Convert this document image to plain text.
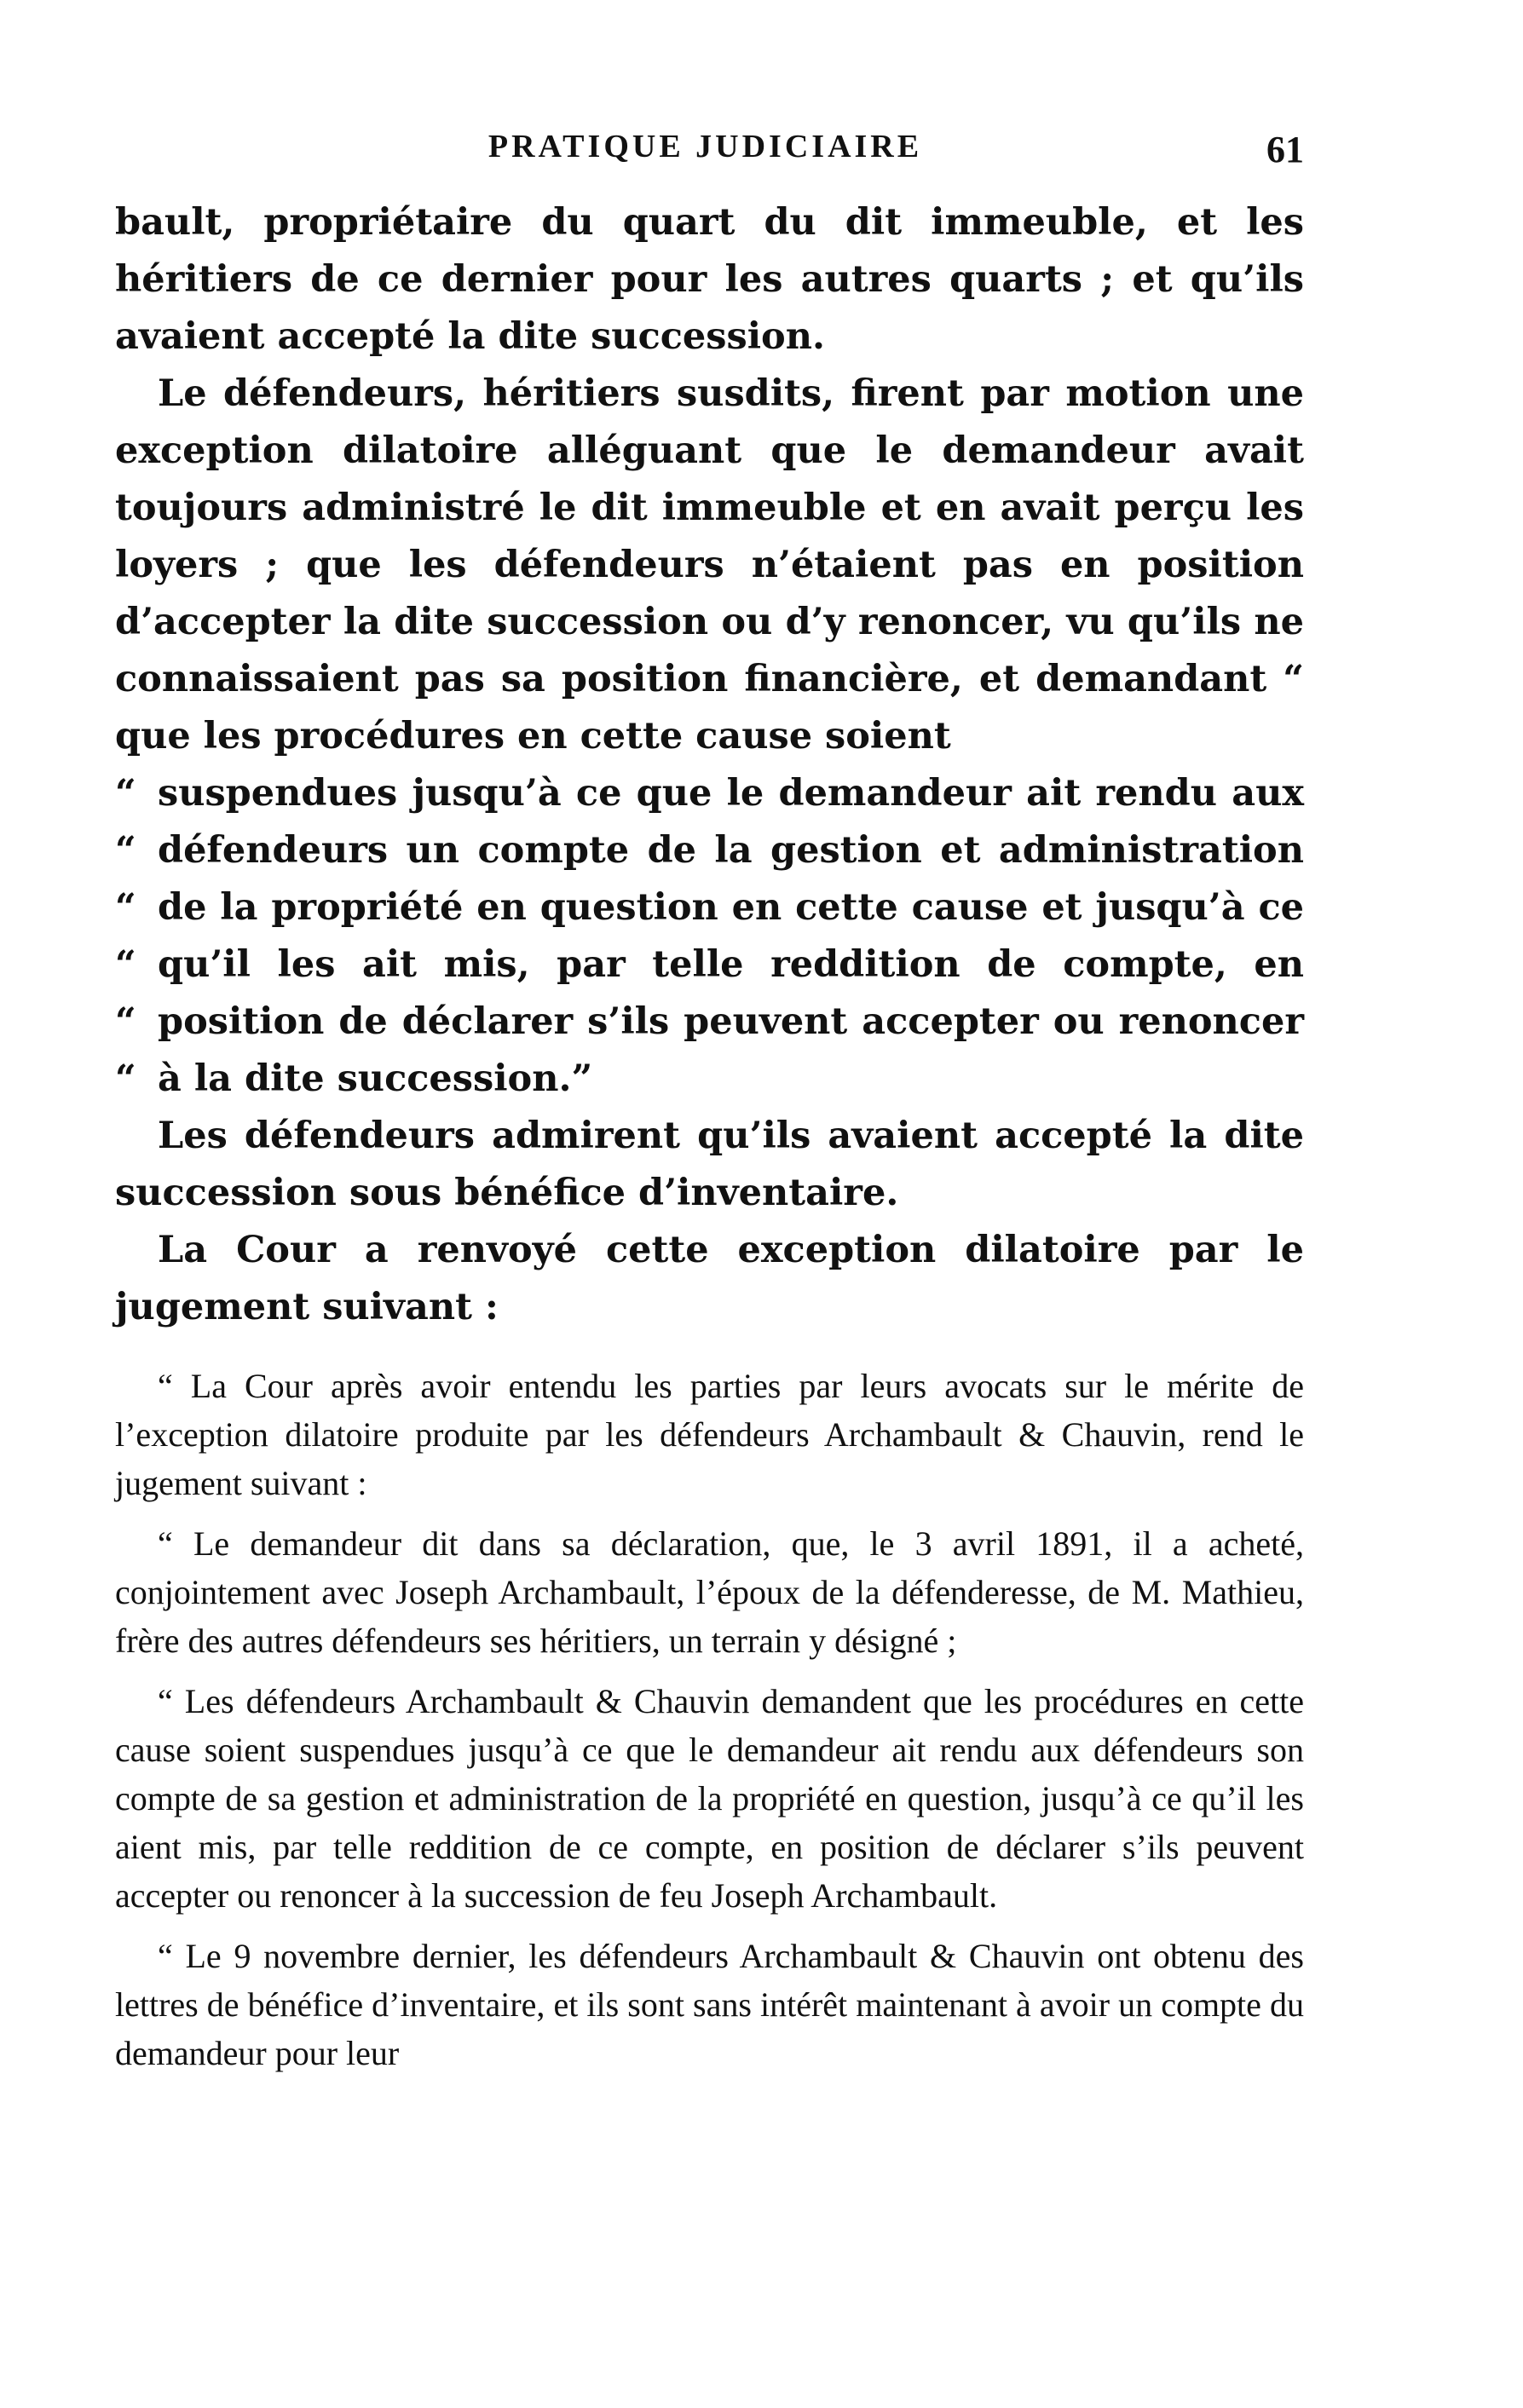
PRATIQUE JUDICIAIRE	61

bault, propriétaire du quart du dit immeuble, et les héritiers de ce dernier pour les autres quarts ; et qu’ils avaient accepté la dite succession.

Le défendeurs, héritiers susdits, firent par motion une exception dilatoire alléguant que le demandeur avait toujours administré le dit immeuble et en avait perçu les loyers ; que les défendeurs n’étaient pas en position d’accepter la dite succession ou d’y renoncer, vu qu’ils ne connaissaient pas sa position financière, et demandant “ que les procédures en cette cause soient

“
“
“
“
“
“

suspendues jusqu’à ce que le demandeur ait rendu aux défendeurs un compte de la gestion et administration de la propriété en question en cette cause et jusqu’à ce qu’il les ait mis, par telle reddition de compte, en position de déclarer s’ils peuvent accepter ou renoncer à la dite succession.”

Les défendeurs admirent qu’ils avaient accepté la dite succession sous bénéfice d’inventaire.

La Cour a renvoyé cette exception dilatoire par le jugement suivant :

“ La Cour après avoir entendu les parties par leurs avocats sur le mérite de l’exception dilatoire produite par les défendeurs Archambault & Chauvin, rend le jugement suivant :

“ Le demandeur dit dans sa déclaration, que, le 3 avril 1891, il a acheté, conjointement avec Joseph Archambault, l’époux de la défenderesse, de M. Mathieu, frère des autres défendeurs ses héritiers, un terrain y désigné ;

“ Les défendeurs Archambault & Chauvin demandent que les procédures en cette cause soient suspendues jusqu’à ce que le demandeur ait rendu aux défendeurs son compte de sa gestion et administration de la propriété en question, jusqu’à ce qu’il les aient mis, par telle reddition de ce compte, en position de déclarer s’ils peuvent accepter ou renoncer à la succession de feu Joseph Archambault.

“ Le 9 novembre dernier, les défendeurs Archambault & Chauvin ont obtenu des lettres de bénéfice d’inventaire, et ils sont sans intérêt maintenant à avoir un compte du demandeur pour leur
